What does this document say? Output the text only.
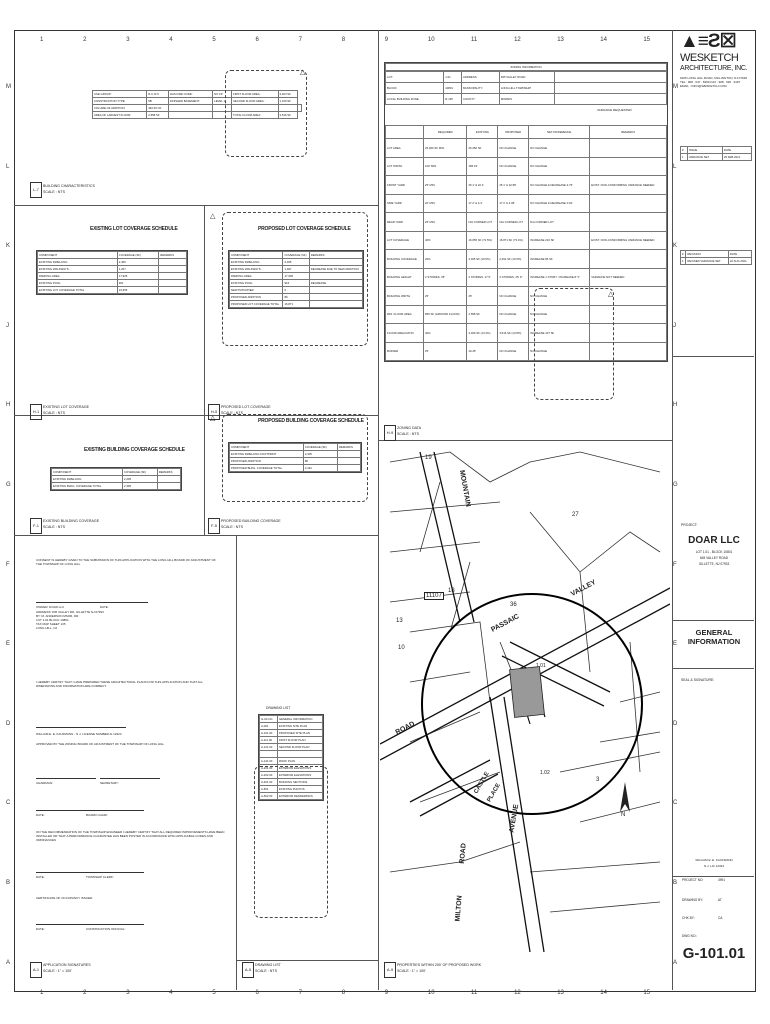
1	2	3	4	5	6	7	8	9	10	11	12	13	14	15
1	2	3	4	5	6	7	8	9	10	11	12	13	14	15
M
L
K
J
H
G
F
E
D
C
B
A
M
L
K
J
H
G
F
E
D
C
B
A
USE GROUP:	R-3, R-5	HAS FIRE CODE:	NO FP	FIRST FLOOR AREA:	3,403 SF	
CONSTRUCTION TYPE:	5B	FINISHED BASEMENT:	LEVEL 1	SECOND FLOOR AREA:	1,019 SF	
VOLUME OF ADDITION:	462.45 CF					
AREA OF LARGEST FLOOR:	2,558 SF			TOTAL FLOOR AREA:	3,516 SF	
△
L-7
BUILDING CHARACTERISTICS
SCALE : NTS
EXISTING LOT COVERAGE SCHEDULE
COMPONENT	COVERAGE (SF)	REMARKS
EXISTING DWELLING	2,405	
EXISTING WALKWAYS	1,207	
PARKING AREA	17,905	
EXISTING POOL	961	
EXISTING LOT COVERAGE TOTAL	16,655	
H-1
EXISTING LOT COVERAGE
SCALE : NTS
△
PROPOSED LOT COVERAGE SCHEDULE
COMPONENT	COVERAGE (SF)	REMARKS
EXISTING DWELLING	2,405	
EXISTING WALKWAYS	1,497	DECREASE DUE TO NEW ADDITION
PARKING AREA	17,905	
EXISTING POOL	915	DECREASE
NEW PATIO/PIER	0	
PROPOSED ADDITION	86	
PROPOSED LOT COVERAGE TOTAL	16,871	
H-5
PROPOSED LOT COVERAGE
SCALE : NTS
EXISTING BUILDING COVERAGE SCHEDULE
COMPONENT	COVERAGE (SF)	REMARKS
EXISTING DWELLING	2,405	
EXISTING BLDG. COVERAGE TOTAL	2,405	
F-1
EXISTING BUILDING COVERAGE
SCALE : NTS
△	PROPOSED BUILDING COVERAGE SCHEDULE
COMPONENT	COVERAGE (SF)	REMARKS
EXISTING DWELLING FOOTPRINT	2,405	
PROPOSED ADDITION	86	
PROPOSED BLDG. COVERAGE TOTAL	2,491	
F-5
PROPOSED BUILDING COVERAGE
SCALE : NTS
ZONING INFORMATION
LOT:	1.01	ADDRESS:	845 VALLEY ROAD	
BLOCK:	10801	MUNICIPALITY:	LONG HILL TOWNSHIP	
LOCAL BUILDING ZONE:	R-125	COUNTY:	MORRIS	
	REQUIRED	EXISTING	PROPOSED	NET DIFFERENCE	REMARKS
LOT AREA	25,000 SF MIN.	25,356 SF	NO CHANGE	NO CHANGE	
LOT WIDTH	100' MIN.	186.33'	NO CHANGE	NO CHANGE	
FRONT YARD	25' MIN.	25.1' & 22.2'	25.1' & 22.58'	NO CHANGE & DECREASE 4.75'	EXIST. NON-CONFORMING VARIANCE NEEDED
SIDE YARD	20' MIN.	17.2' & 4.4'	17.2' & 4.38'	NO CHANGE & DECREASE 0.02'	
REAR YARD	25' MIN.	N/A CORNER LOT	N/A CORNER LOT	N/A CORNER LOT	
LOT COVERAGE	40%	16,655 SF (72.5%)	16,871 SF (73.4%)	INCREASE 216 SF	EXIST. NON-CONFORMING VARIANCE NEEDED
BUILDING COVERAGE	20%	2,405 SF (10.5%)	2,491 SF (10.9%)	INCREASE 86 SF	
BUILDING HEIGHT	2 STORIES, 35'	2 STORIES, 17.5'	2 STORIES, 25' 9"	INCREASE 1 STORY / INCREASE 8' 3"	VARIANCE NOT NEEDED
BUILDING WIDTH	25'	25'	NO CHANGE	NO CHANGE	
MIN. FLOOR AREA	850 SF (GROUND FLOOR)	2,558 SF	NO CHANGE	NO CHANGE	
FLOOR AREA RATIO	40%	3,409 SF (13.4%)	3,516 SF (13.8%)	INCREASE 107 SF	
BUFFER	25'	19.45'	NO CHANGE	NO CHANGE	
VARIANCE REQUESTED
△
H-9
ZONING DATA
SCALE : NTS
PASSAIC
VALLEY
ROAD
AVENUE
CASTLE
PLACE
MILTON
ROAD
MOUNTAIN
11107
1.01
19
27
36
18
3
13
1.02
10
N
A-9
PROPERTIES WITHIN 200' OF PROPOSED WORK
SCALE : 1" = 100'
DRAWING LIST
G-101.01	GENERAL INFORMATION
A-001	EXISTING SITE PLAN
A-101.00	PROPOSED SITE PLAN
A-111.00	FIRST FLOOR PLAN
A-121.00	SECOND FLOOR PLAN

A-141.00	ROOF PLAN
A-201.00	EXTERIOR ELEVATIONS
A-202.00	EXTERIOR ELEVATIONS
A-401.00	BUILDING SECTIONS
A-501	EXISTING PHOTOS
A-502.00	EXTERIOR RENDERINGS
A-5
DRAWING LIST
SCALE : NTS
CONSENT IS HEREBY GIVEN TO THE SUBMISSION OF THIS APPLICATION WITH THE LONG HILL BOARD OF ADJUSTMENT OF THE TOWNSHIP OF LONG HILL
OWNER: DOAR LLC	DATE:
ADDRESS: 845 VALLEY RD, GILLETTE NJ 07933
BY: M. ANDERSON MSOR, DR.
LOT 1.01 BLOCK 10801
TAX MAP SHEET 135
LONG HILL, NJ
I HEREBY CERTIFY THAT I HAVE PREPARED THESE ARCHITECTURAL PLANS FOR THIS APPLICATION AND THAT ALL DIMENSIONS AND INFORMATION ARE CORRECT.
WILLIAM E. E. KAUFMANN - N.J. LICENSE NUMBER AI 12324
APPROVED BY THE ZONING BOARD OF ADJUSTMENT OF THE TOWNSHIP OF LONG HILL
CHAIRMAN:	SECRETARY:
DATE:	BOARD CHAIR:
ON THE RECOMMENDATION OF THE TOWNSHIP ENGINEER I HEREBY CERTIFY THAT ALL REQUIRED IMPROVEMENTS HAVE BEEN INSTALLED OR THAT A PERFORMANCE GUARANTEE HAS BEEN POSTED IN ACCORDANCE WITH APPLICABLE CODES AND ORDINANCES
DATE:	TOWNSHIP CLERK:
CERTIFICATE OF OCCUPANCY ISSUED:
DATE:	CONSTRUCTION OFFICIAL:
A-1
APPLICATION SIGNATURES
SCALE : 1" = 100'
▲≡Ƨ☒
WESKETCH
ARCHITECTURE, INC.
9105 LONG HILL ROAD, MILLINGTON, NJ 07946
TEL : 908 . 647 . 8200 FAX : 908 . 626 . 9197
EMAIL : INFO@WESKETCH.COM
#	ISSUE	DATE
1	VARIANCE SET	26 FEB 2021
#	REVISION	DATE
1	REVISED VARIANCE SET	22 AUG 2021
PROJECT:
DOAR LLC
LOT 1.01 - BLOCK 10801
845 VALLEY ROAD
GILLETTE, NJ 07933
GENERAL INFORMATION
SEAL & SIGNATURE:
WILLIAM E. E. KAUFMANN
N.J. LIC 12324
PROJECT NO:	3991
DRAWING BY:	AT
CHK BY:	CA
DWG NO.:
G-101.01
